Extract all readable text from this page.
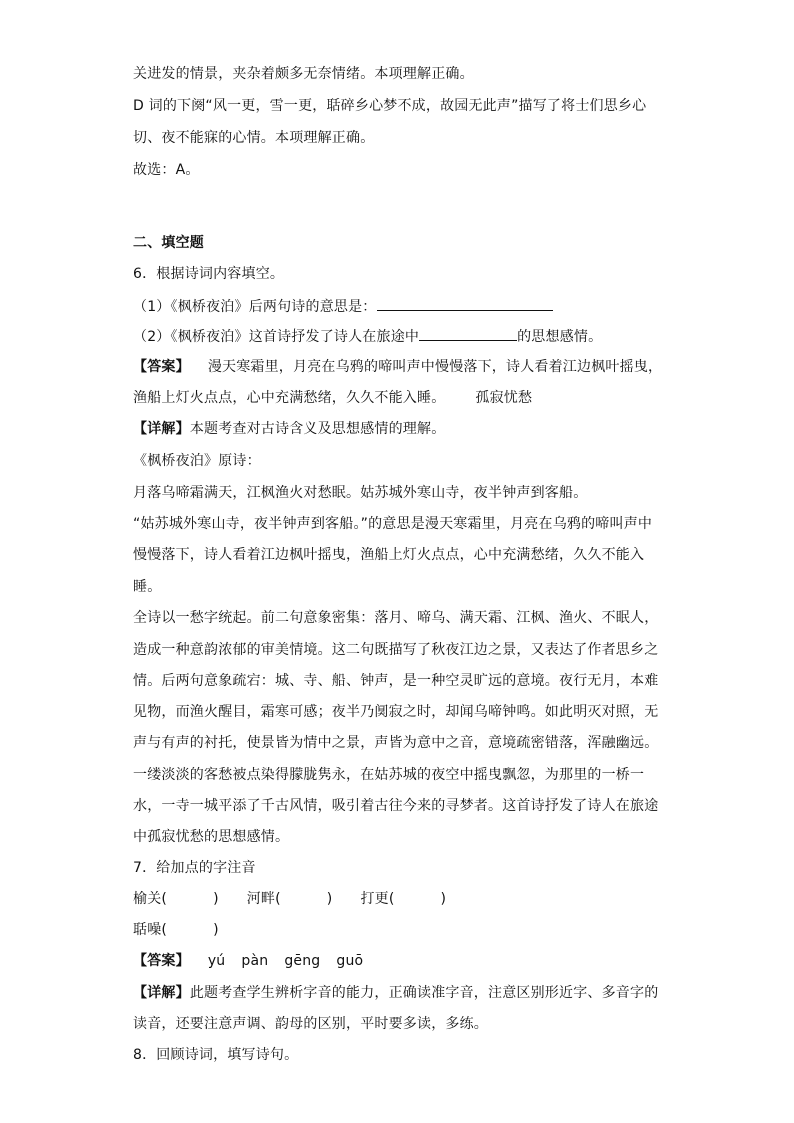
关进发的情景，夹杂着颇多无奈情绪。本项理解正确。
D 词的下阕“风一更，雪一更，聒碎乡心梦不成，故园无此声”描写了将士们思乡心
切、夜不能寐的心情。本项理解正确。
故选：A。
二、填空题
6．根据诗词内容填空。
（1）《枫桥夜泊》后两句诗的意思是：
（2）《枫桥夜泊》这首诗抒发了诗人在旅途中	的思想感情。
【答案】 漫天寒霜里，月亮在乌鸦的啼叫声中慢慢落下，诗人看着江边枫叶摇曳，
渔船上灯火点点，心中充满愁绪，久久不能入睡。 孤寂忧愁
【详解】本题考查对古诗含义及思想感情的理解。
《枫桥夜泊》原诗：
月落乌啼霜满天，江枫渔火对愁眠。姑苏城外寒山寺，夜半钟声到客船。
“姑苏城外寒山寺，夜半钟声到客船。”的意思是漫天寒霜里，月亮在乌鸦的啼叫声中
慢慢落下，诗人看着江边枫叶摇曳，渔船上灯火点点，心中充满愁绪，久久不能入
睡。
全诗以一愁字统起。前二句意象密集：落月、啼乌、满天霜、江枫、渔火、不眠人，
造成一种意韵浓郁的审美情境。这二句既描写了秋夜江边之景，又表达了作者思乡之
情。后两句意象疏宕：城、寺、船、钟声，是一种空灵旷远的意境。夜行无月，本难
见物，而渔火醒目，霜寒可感；夜半乃阒寂之时，却闻乌啼钟鸣。如此明灭对照，无
声与有声的衬托，使景皆为情中之景，声皆为意中之音，意境疏密错落，浑融幽远。
一缕淡淡的客愁被点染得朦胧隽永，在姑苏城的夜空中摇曳飘忽，为那里的一桥一
水，一寺一城平添了千古风情，吸引着古往今来的寻梦者。这首诗抒发了诗人在旅途
中孤寂忧愁的思想感情。
7．给加点的字注音
榆关(	) 河畔(	) 打更(	)
聒噪(	)
【答案】 yú pàn gēng guō
【详解】此题考查学生辨析字音的能力，正确读准字音，注意区别形近字、多音字的
读音，还要注意声调、韵母的区别，平时要多读，多练。
8．回顾诗词，填写诗句。
